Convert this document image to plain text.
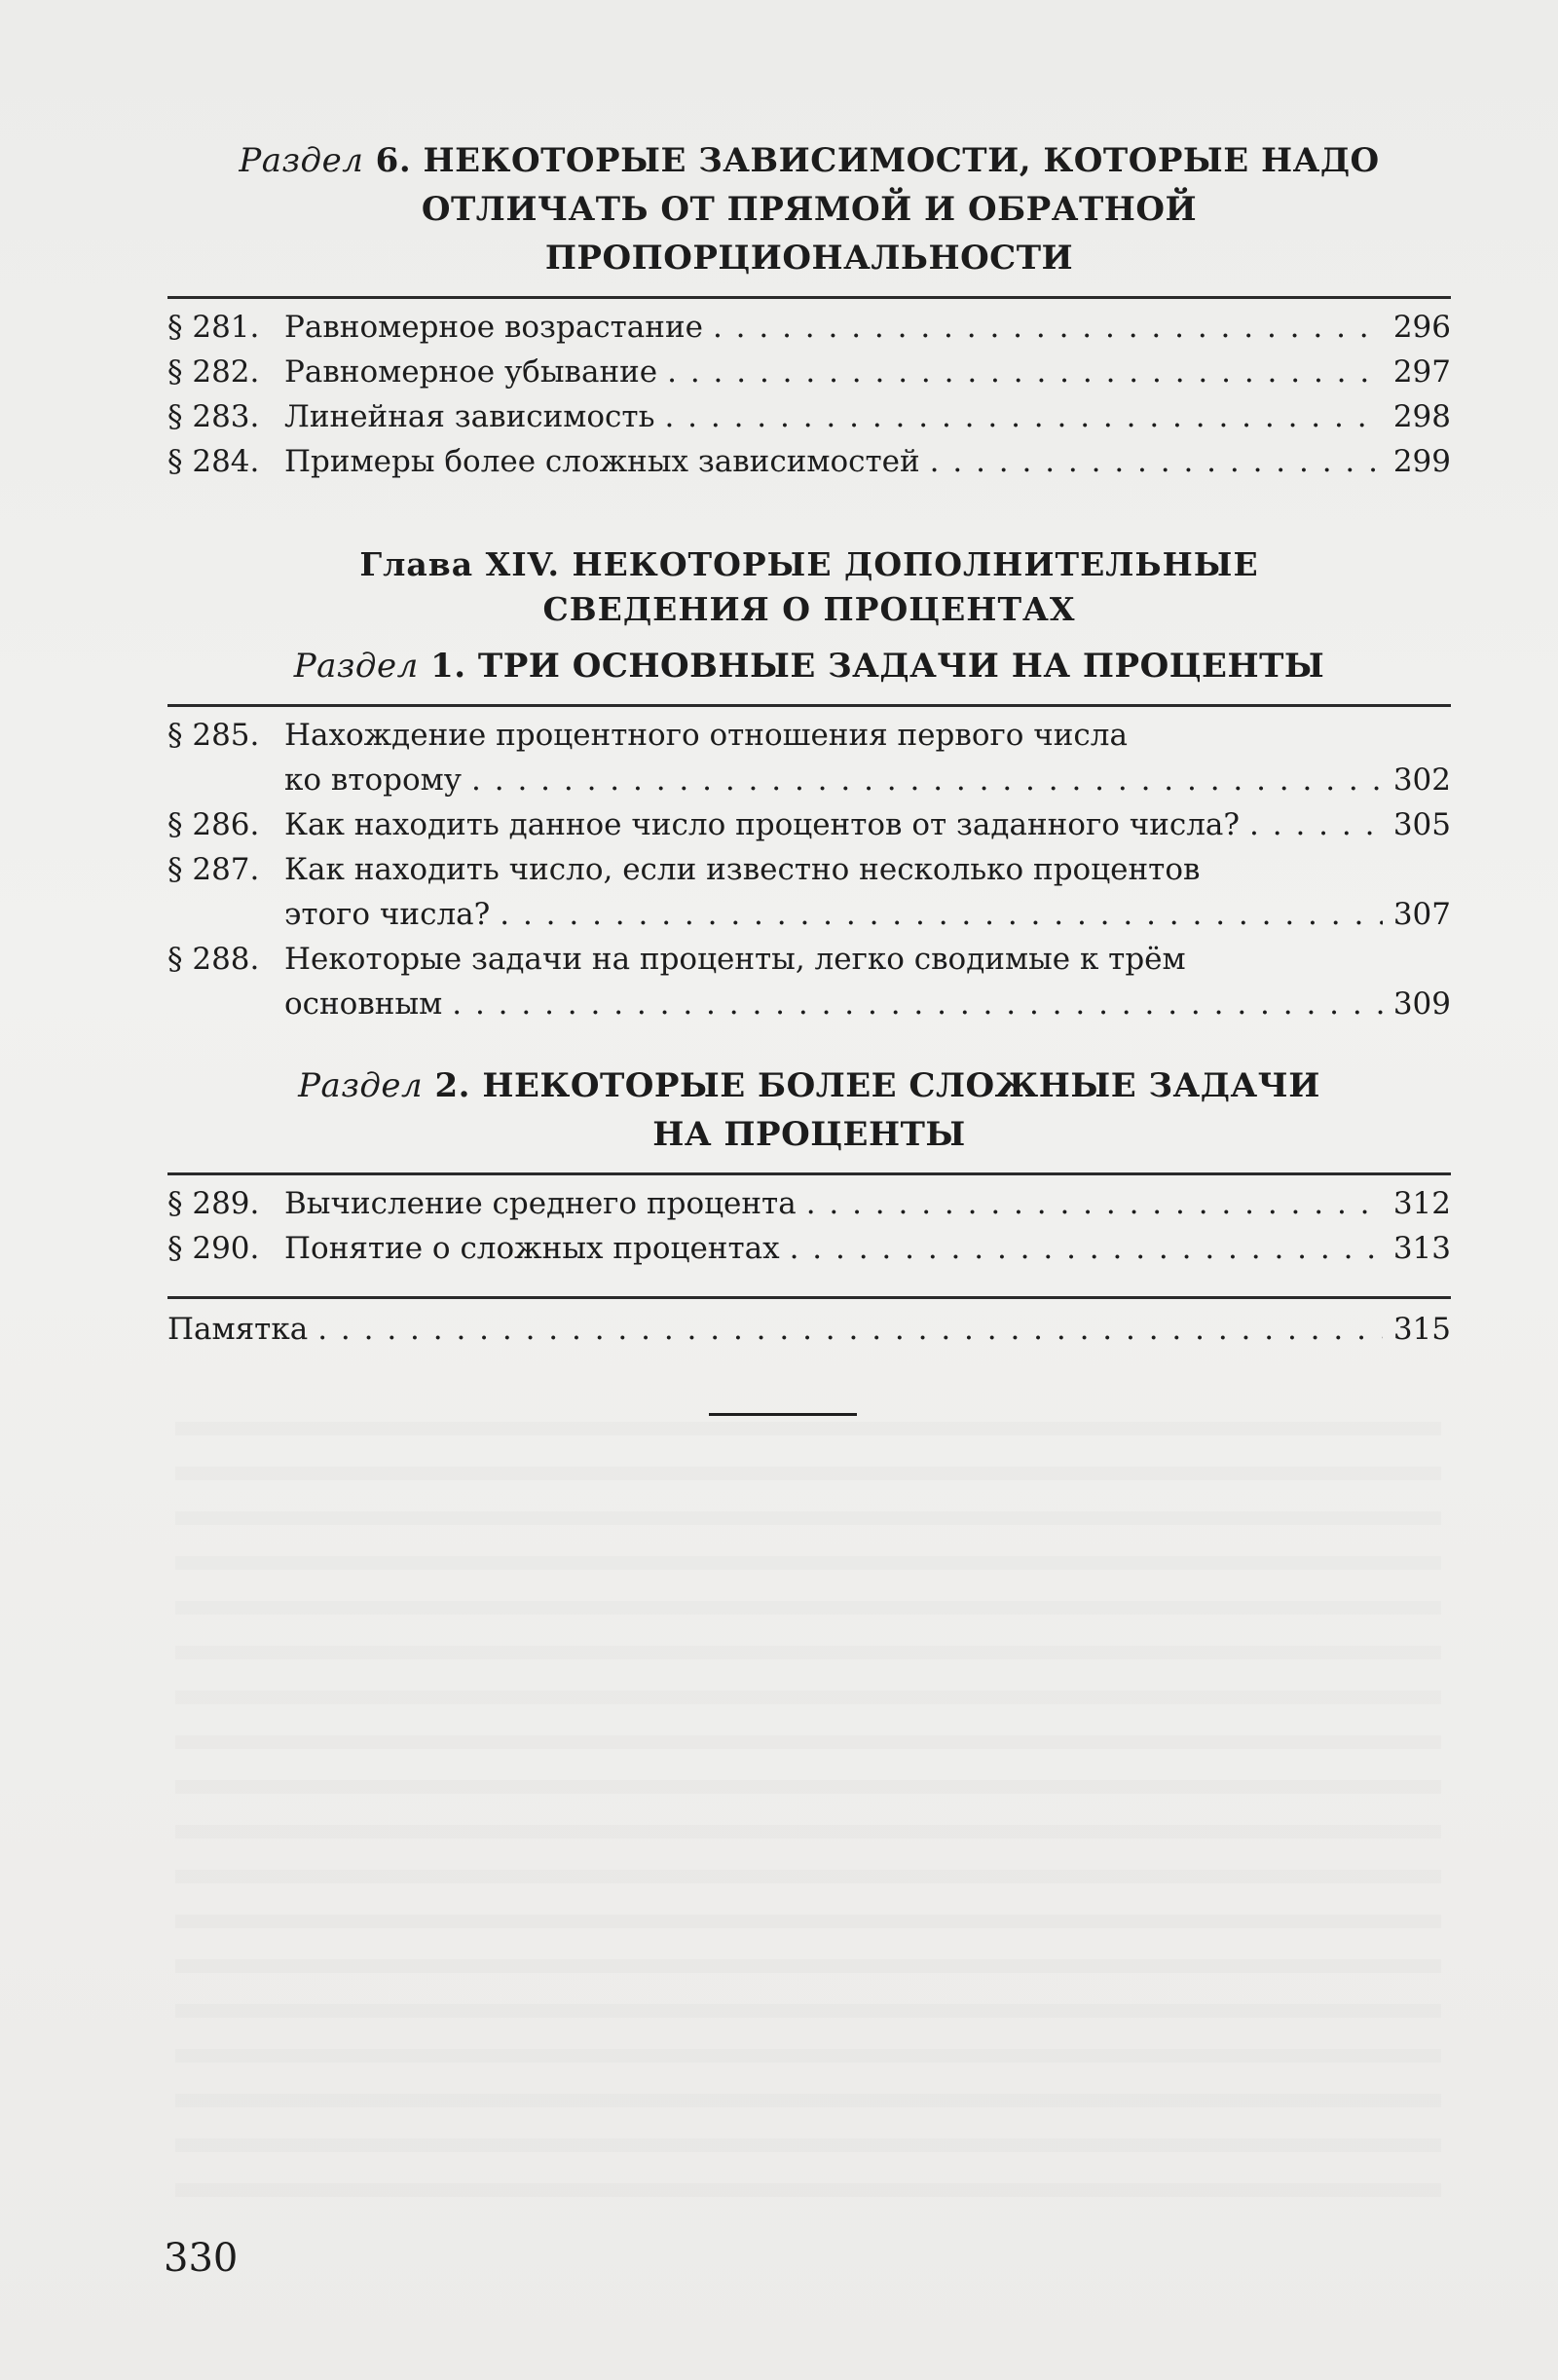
Раздел 6. НЕКОТОРЫЕ ЗАВИСИМОСТИ, КОТОРЫЕ НАДО
ОТЛИЧАТЬ ОТ ПРЯМОЙ И ОБРАТНОЙ ПРОПОРЦИОНАЛЬНОСТИ
§ 281. Равномерное возрастание . . .	296
§ 282. Равномерное убывание . . .	297
§ 283. Линейная зависимость . . .	298
§ 284. Примеры более сложных зависимостей . . .	299
Глава XIV. НЕКОТОРЫЕ ДОПОЛНИТЕЛЬНЫЕ
СВЕДЕНИЯ О ПРОЦЕНТАХ
Раздел 1. ТРИ ОСНОВНЫЕ ЗАДАЧИ НА ПРОЦЕНТЫ
§ 285. Нахождение процентного отношения первого числа
ко второму . . .	302
§ 286. Как находить данное число процентов от заданного числа? . . .	305
§ 287. Как находить число, если известно несколько процентов
этого числа? . . .	307
§ 288. Некоторые задачи на проценты, легко сводимые к трём
основным . . .	309
Раздел 2. НЕКОТОРЫЕ БОЛЕЕ СЛОЖНЫЕ ЗАДАЧИ
НА ПРОЦЕНТЫ
§ 289. Вычисление среднего процента . . .	312
§ 290. Понятие о сложных процентах . . .	313
Памятка . . .	315
330
